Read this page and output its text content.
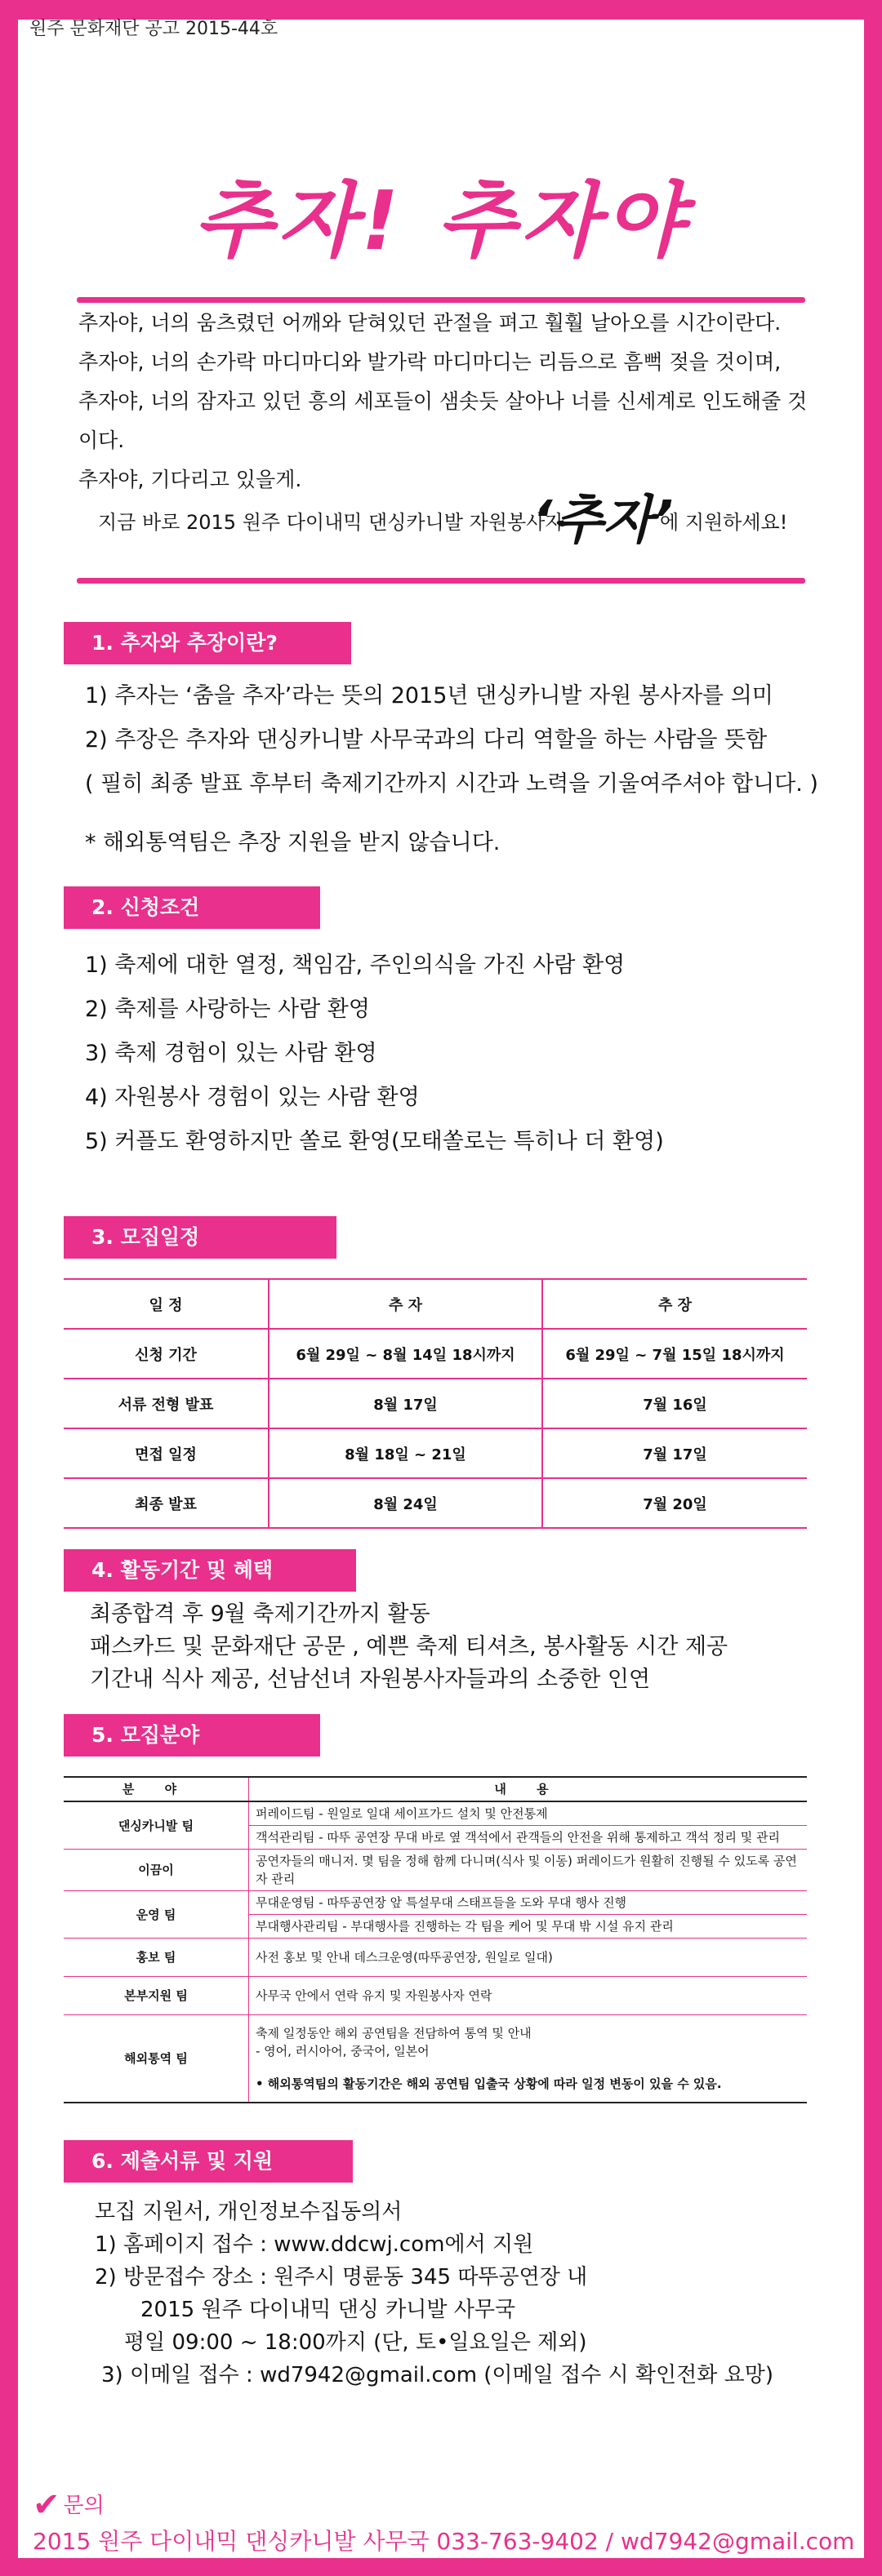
원주 문화재단 공고 2015-44호
추자! 추자야

추자야, 너의 움츠렸던 어깨와 닫혀있던 관절을 펴고 훨훨 날아오를 시간이란다.

추자야, 너의 손가락 마디마디와 발가락 마디마디는 리듬으로 흠뻑 젖을 것이며,

추자야, 너의 잠자고 있던 흥의 세포들이 샘솟듯 살아나 너를 신세계로 인도해줄 것이다.

추자야, 기다리고 있을게.

지금 바로 2015 원주 다이내믹 댄싱카니발 자원봉사자
‘추자’
에 지원하세요!
1. 추자와 추장이란?

1) 추자는 ‘춤을 추자’라는 뜻의 2015년 댄싱카니발 자원 봉사자를 의미

2) 추장은 추자와 댄싱카니발 사무국과의 다리 역할을 하는 사람을 뜻함

( 필히 최종 발표 후부터 축제기간까지 시간과 노력을 기울여주셔야 합니다. )

* 해외통역팀은 추장 지원을 받지 않습니다.

2. 신청조건

1) 축제에 대한 열정, 책임감, 주인의식을 가진 사람 환영

2) 축제를 사랑하는 사람 환영

3) 축제 경험이 있는 사람 환영

4) 자원봉사 경험이 있는 사람 환영

5) 커플도 환영하지만 쏠로 환영(모태쏠로는 특히나 더 환영)

3. 모집일정
일 정	추 자	추 장
신청 기간	6월 29일 ~ 8월 14일 18시까지	6월 29일 ~ 7월 15일 18시까지
서류 전형 발표	8월 17일	7월 16일
면접 일정	8월 18일 ~ 21일	7월 17일
최종 발표	8월 24일	7월 20일
4. 활동기간 및 혜택

최종합격 후 9월 축제기간까지 활동

패스카드 및 문화재단 공문 , 예쁜 축제 티셔츠, 봉사활동 시간 제공

기간내 식사 제공, 선남선녀 자원봉사자들과의 소중한 인연

5. 모집분야
분 야	내 용
댄싱카니발 팀	퍼레이드팀 - 원일로 일대 세이프가드 설치 및 안전통제
	객석관리팀 - 따뚜 공연장 무대 바로 옆 객석에서 관객들의 안전을 위해 통제하고 객석 정리 및 관리
이끔이	공연자들의 매니저. 몇 팀을 정해 함께 다니며(식사 및 이동) 퍼레이드가 원활히 진행될 수 있도록 공연자 관리
운영 팀	무대운영팀 - 따뚜공연장 앞 특설무대 스태프들을 도와 무대 행사 진행
	부대행사관리팀 - 부대행사를 진행하는 각 팀을 케어 및 무대 밖 시설 유지 관리
홍보 팀	사전 홍보 및 안내 데스크운영(따뚜공연장, 원일로 일대)
본부지원 팀	사무국 안에서 연락 유지 및 자원봉사자 연락
해외통역 팀	축제 일정동안 해외 공연팀을 전담하여 통역 및 안내
- 영어, 러시아어, 중국어, 일본어
• 해외통역팀의 활동기간은 해외 공연팀 입출국 상황에 따라 일정 변동이 있을 수 있음.
6. 제출서류 및 지원

모집 지원서, 개인정보수집동의서

1) 홈페이지 접수 : www.ddcwj.com에서 지원

2) 방문접수 장소 : 원주시 명륜동 345 따뚜공연장 내

2015 원주 다이내믹 댄싱 카니발 사무국

평일 09:00 ~ 18:00까지 (단, 토•일요일은 제외)

3) 이메일 접수 : wd7942@gmail.com (이메일 접수 시 확인전화 요망)

✔ 문의
2015 원주 다이내믹 댄싱카니발 사무국 033-763-9402 / wd7942@gmail.com
